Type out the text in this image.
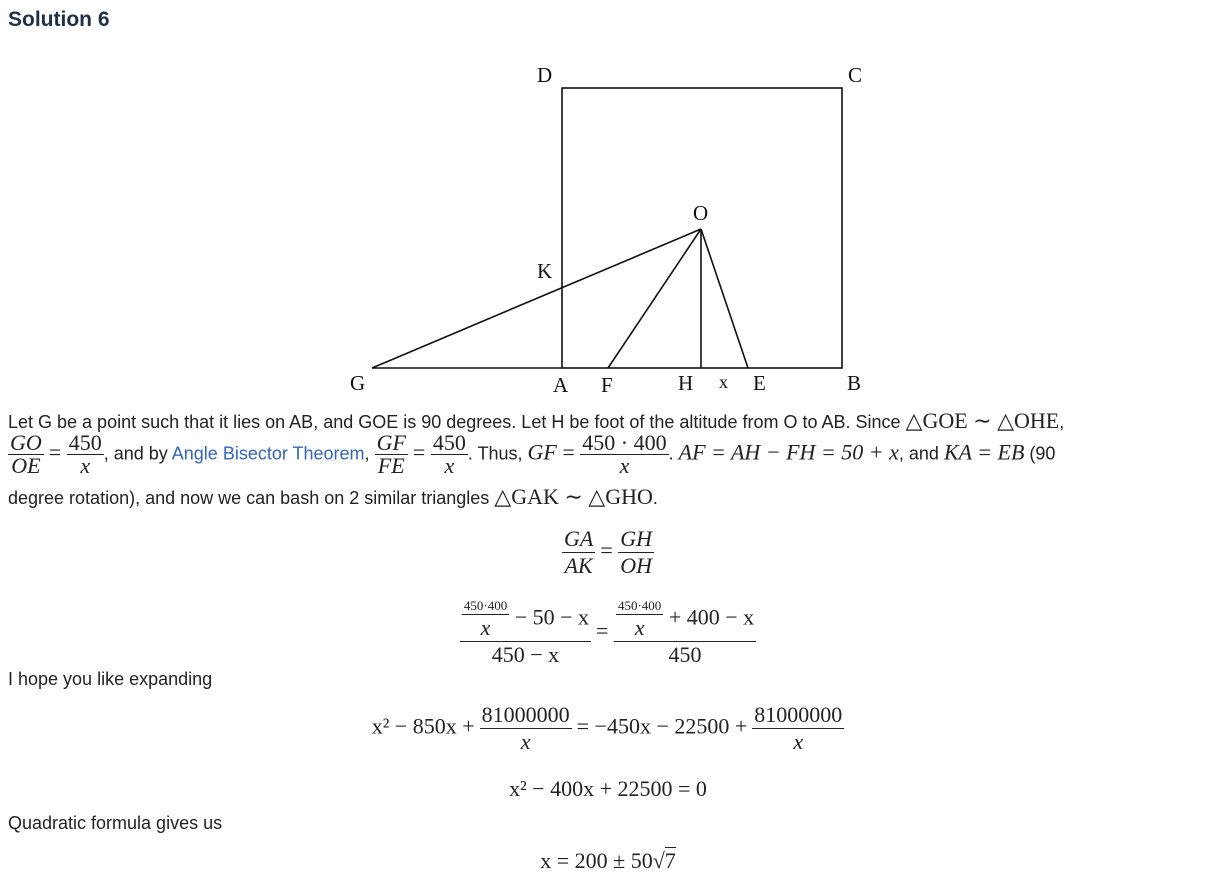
Solution 6
D	C
O
K
G	A F	H x E	B
Let G be a point such that it lies on AB, and GOE is 90 degrees. Let H be foot of the altitude from O to AB. Since △GOE ∼ △OHE,
$\frac{GO}{OE} = \frac{450}{x}$ , and by Angle Bisector Theorem, $\frac{GF}{FE} = \frac{450}{x}$ . Thus, GF = $\frac{450 \cdot 400}{x}$ . AF = AH − FH = 50 + x, and KA = EB (90
degree rotation), and now we can bash on 2 similar triangles △GAK ∼ △GHO.
$\frac{GA}{AK} = \frac{GH}{OH}$
$\frac{\frac{450\cdot 400}{x} - 50 - x}{450 - x} = \frac{\frac{450\cdot 400}{x} + 400 - x}{450}$
I hope you like expanding
$x^2 - 850x + \frac{81000000}{x} = -450x - 22500 + \frac{81000000}{x}$
x² − 400x + 22500 = 0
Quadratic formula gives us
x = 200 ± 50√7
